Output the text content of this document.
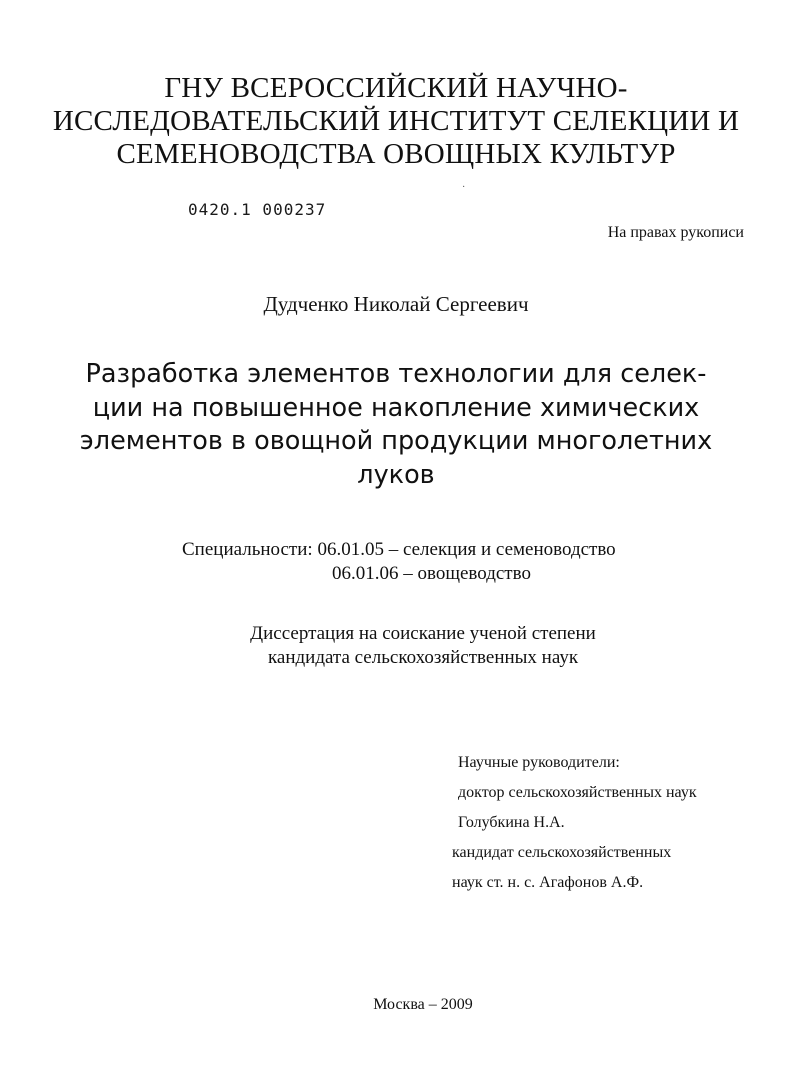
ГНУ ВСЕРОССИЙСКИЙ НАУЧНО-
ИССЛЕДОВАТЕЛЬСКИЙ ИНСТИТУТ СЕЛЕКЦИИ И
СЕМЕНОВОДСТВА ОВОЩНЫХ КУЛЬТУР
·
0420.1 000237
На правах рукописи
Дудченко Николай Сергеевич
Разработка элементов технологии для селек-
ции на повышенное накопление химических
элементов в овощной продукции многолетних
луков
Специальности: 06.01.05 – селекция и семеноводство
06.01.06 – овощеводство
Диссертация на соискание ученой степени
кандидата сельскохозяйственных наук
Научные руководители:
доктор сельскохозяйственных наук
Голубкина Н.А.
кандидат сельскохозяйственных
наук ст. н. с. Агафонов А.Ф.
Москва – 2009
